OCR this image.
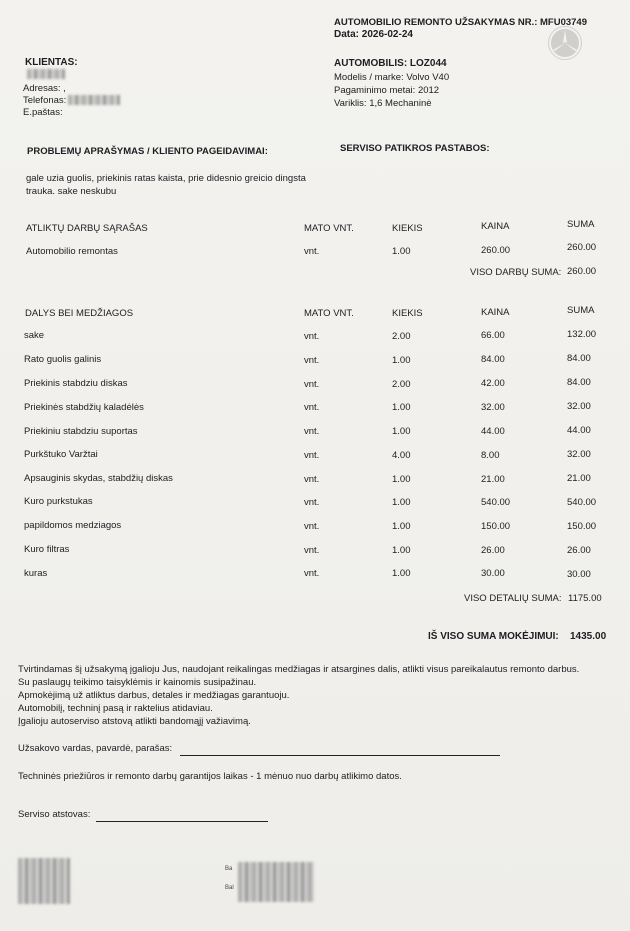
AUTOMOBILIO REMONTO UŽSAKYMAS NR.: MFU03749
Data: 2026-02-24
KLIENTAS:
Adresas: ,
Telefonas:
E.paštas:
AUTOMOBILIS: LOZ044
Modelis / marke: Volvo V40
Pagaminimo metai: 2012
Variklis: 1,6 Mechaninė
PROBLEMŲ APRAŠYMAS / KLIENTO PAGEIDAVIMAI:	SERVISO PATIKROS PASTABOS:
gale uzia guolis, priekinis ratas kaista, prie didesnio greicio dingsta
trauka. sake neskubu
ATLIKTŲ DARBŲ SĄRAŠAS	MATO VNT.	KIEKIS	KAINA	SUMA
Automobilio remontas	vnt.	1.00	260.00	260.00
VISO DARBŲ SUMA: 260.00
DALYS BEI MEDŽIAGOS	MATO VNT.	KIEKIS	KAINA	SUMA
sake	vnt.	2.00	66.00	132.00
Rato guolis galinis	vnt.	1.00	84.00	84.00
Priekinis stabdziu diskas	vnt.	2.00	42.00	84.00
Priekinės stabdžių kaladėlės	vnt.	1.00	32.00	32.00
Priekiniu stabdziu suportas	vnt.	1.00	44.00	44.00
Purkštuko Varžtai	vnt.	4.00	8.00	32.00
Apsauginis skydas, stabdžių diskas	vnt.	1.00	21.00	21.00
Kuro purkstukas	vnt.	1.00	540.00	540.00
papildomos medziagos	vnt.	1.00	150.00	150.00
Kuro filtras	vnt.	1.00	26.00	26.00
kuras	vnt.	1.00	30.00	30.00
VISO DETALIŲ SUMA: 1175.00
IŠ VISO SUMA MOKĖJIMUI: 1435.00
Tvirtindamas šį užsakymą įgalioju Jus, naudojant reikalingas medžiagas ir atsargines dalis, atlikti visus pareikalautus remonto darbus.
Su paslaugų teikimo taisyklėmis ir kainomis susipažinau.
Apmokėjimą už atliktus darbus, detales ir medžiagas garantuoju.
Automobilį, techninį pasą ir raktelius atidaviau.
Įgalioju autoserviso atstovą atlikti bandomąjį važiavimą.
Užsakovo vardas, pavardė, parašas:
Techninės priežiūros ir remonto darbų garantijos laikas - 1 mėnuo nuo darbų atlikimo datos.
Serviso atstovas:
Ba
Bal
